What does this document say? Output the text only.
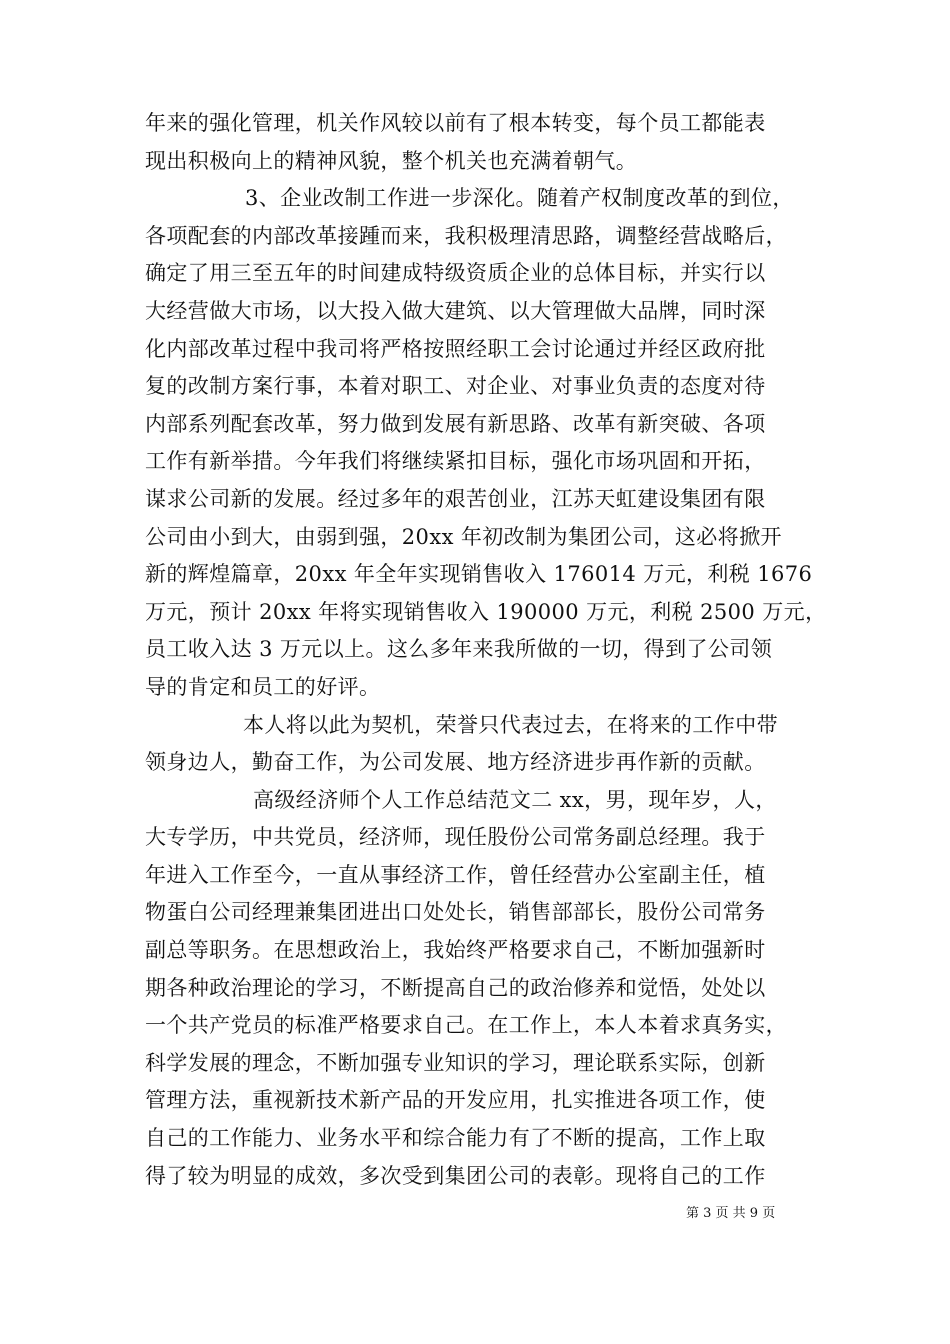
年来的强化管理，机关作风较以前有了根本转变，每个员工都能表
现出积极向上的精神风貌，整个机关也充满着朝气。
3、企业改制工作进一步深化。随着产权制度改革的到位，
各项配套的内部改革接踵而来，我积极理清思路，调整经营战略后，
确定了用三至五年的时间建成特级资质企业的总体目标，并实行以
大经营做大市场，以大投入做大建筑、以大管理做大品牌，同时深
化内部改革过程中我司将严格按照经职工会讨论通过并经区政府批
复的改制方案行事，本着对职工、对企业、对事业负责的态度对待
内部系列配套改革，努力做到发展有新思路、改革有新突破、各项
工作有新举措。今年我们将继续紧扣目标，强化市场巩固和开拓，
谋求公司新的发展。经过多年的艰苦创业，江苏天虹建设集团有限
公司由小到大，由弱到强，20xx 年初改制为集团公司，这必将掀开
新的辉煌篇章，20xx 年全年实现销售收入 176014 万元，利税 1676
万元，预计 20xx 年将实现销售收入 190000 万元，利税 2500 万元，
员工收入达 3 万元以上。这么多年来我所做的一切，得到了公司领
导的肯定和员工的好评。
本人将以此为契机，荣誉只代表过去，在将来的工作中带
领身边人，勤奋工作，为公司发展、地方经济进步再作新的贡献。
高级经济师个人工作总结范文二 xx，男，现年岁，人，
大专学历，中共党员，经济师，现任股份公司常务副总经理。我于
年进入工作至今，一直从事经济工作，曾任经营办公室副主任，植
物蛋白公司经理兼集团进出口处处长，销售部部长，股份公司常务
副总等职务。在思想政治上，我始终严格要求自己，不断加强新时
期各种政治理论的学习，不断提高自己的政治修养和觉悟，处处以
一个共产党员的标准严格要求自己。在工作上，本人本着求真务实，
科学发展的理念，不断加强专业知识的学习，理论联系实际，创新
管理方法，重视新技术新产品的开发应用，扎实推进各项工作，使
自己的工作能力、业务水平和综合能力有了不断的提高，工作上取
得了较为明显的成效，多次受到集团公司的表彰。现将自己的工作
第 3 页 共 9 页
